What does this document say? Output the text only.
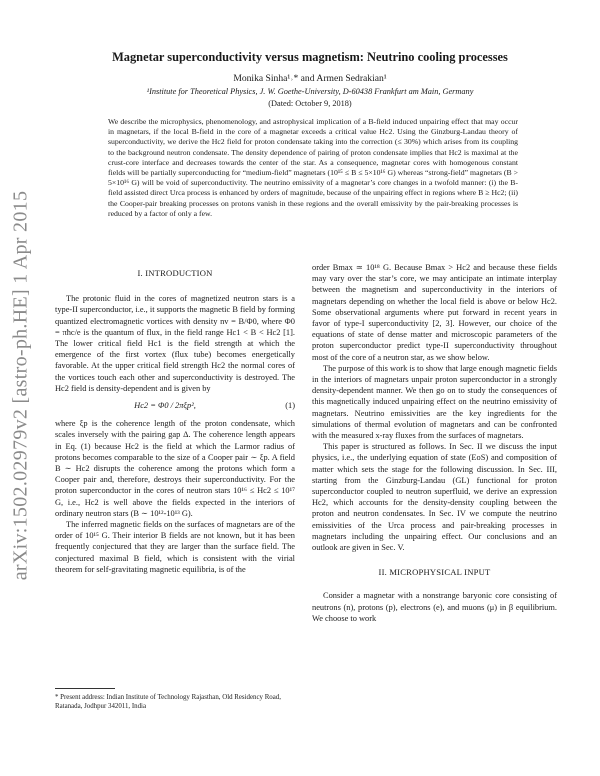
arXiv:1502.02979v2 [astro-ph.HE] 1 Apr 2015
Magnetar superconductivity versus magnetism: Neutrino cooling processes
Monika Sinha¹˒* and Armen Sedrakian¹
¹Institute for Theoretical Physics, J. W. Goethe-University, D-60438 Frankfurt am Main, Germany
(Dated: October 9, 2018)
We describe the microphysics, phenomenology, and astrophysical implication of a B-field induced unpairing effect that may occur in magnetars, if the local B-field in the core of a magnetar exceeds a critical value Hc2. Using the Ginzburg-Landau theory of superconductivity, we derive the Hc2 field for proton condensate taking into the correction (≤ 30%) which arises from its coupling to the background neutron condensate. The density dependence of pairing of proton condensate implies that Hc2 is maximal at the crust-core interface and decreases towards the center of the star. As a consequence, magnetar cores with homogenous constant fields will be partially superconducting for “medium-field” magnetars (10¹⁵ ≤ B ≤ 5×10¹⁶ G) whereas “strong-field” magnetars (B > 5×10¹⁶ G) will be void of superconductivity. The neutrino emissivity of a magnetar’s core changes in a twofold manner: (i) the B-field assisted direct Urca process is enhanced by orders of magnitude, because of the unpairing effect in regions where B ≥ Hc2; (ii) the Cooper-pair breaking processes on protons vanish in these regions and the overall emissivity by the pair-breaking processes is reduced by a factor of only a few.
I. INTRODUCTION

The protonic fluid in the cores of magnetized neutron stars is a type-II superconductor, i.e., it supports the magnetic B field by forming quantized electromagnetic vortices with density nv = B/Φ0, where Φ0 = πħc/e is the quantum of flux, in the field range Hc1 < B < Hc2 [1]. The lower critical field Hc1 is the field strength at which the emergence of the first vortex (flux tube) becomes energetically favorable. At the upper critical field strength Hc2 the normal cores of the vortices touch each other and superconductivity is destroyed. The Hc2 field is density-dependent and is given by

Hc2 = Φ0 / 2πξp²,	(1)

where ξp is the coherence length of the proton condensate, which scales inversely with the pairing gap Δ. The coherence length appears in Eq. (1) because Hc2 is the field at which the Larmor radius of protons becomes comparable to the size of a Cooper pair ∼ ξp. A field B ∼ Hc2 disrupts the coherence among the protons which form a Cooper pair and, therefore, destroys their superconductivity. For the proton superconductor in the cores of neutron stars 10¹⁶ ≤ Hc2 ≤ 10¹⁷ G, i.e., Hc2 is well above the fields expected in the interiors of ordinary neutron stars (B ∼ 10¹²-10¹³ G).

The inferred magnetic fields on the surfaces of magnetars are of the order of 10¹⁵ G. Their interior B fields are not known, but it has been frequently conjectured that they are larger than the surface field. The conjectured maximal B field, which is consistent with the virial theorem for self-gravitating magnetic equilibria, is of the

* Present address: Indian Institute of Technology Rajasthan, Old Residency Road, Ratanada, Jodhpur 342011, India

order Bmax ≃ 10¹⁸ G. Because Bmax > Hc2 and because these fields may vary over the star’s core, we may anticipate an intimate interplay between the magnetism and superconductivity in the interiors of magnetars depending on whether the local field is above or below Hc2. Some observational arguments where put forward in recent years in favor of type-I superconductivity [2, 3]. However, our choice of the equations of state of dense matter and microscopic parameters of the proton superconductor predict type-II superconductivity throughout most of the core of a neutron star, as we show below.

The purpose of this work is to show that large enough magnetic fields in the interiors of magnetars unpair proton superconductor in a strongly density-dependent manner. We then go on to study the consequences of this magnetically induced unpairing effect on the neutrino emissivity of magnetars. Neutrino emissivities are the key ingredients for the simulations of thermal evolution of magnetars and can be confronted with the measured x-ray fluxes from the surfaces of magnetars.

This paper is structured as follows. In Sec. II we discuss the input physics, i.e., the underlying equation of state (EoS) and composition of matter which sets the stage for the following discussion. In Sec. III, starting from the Ginzburg-Landau (GL) functional for proton superconductor coupled to neutron superfluid, we derive an expression Hc2, which accounts for the density-density coupling between the proton and neutron condensates. In Sec. IV we compute the neutrino emissivities of the Urca process and pair-breaking processes in magnetars including the unpairing effect. Our conclusions and an outlook are given in Sec. V.

II. MICROPHYSICAL INPUT

Consider a magnetar with a nonstrange baryonic core consisting of neutrons (n), protons (p), electrons (e), and muons (μ) in β equilibrium. We choose to work
